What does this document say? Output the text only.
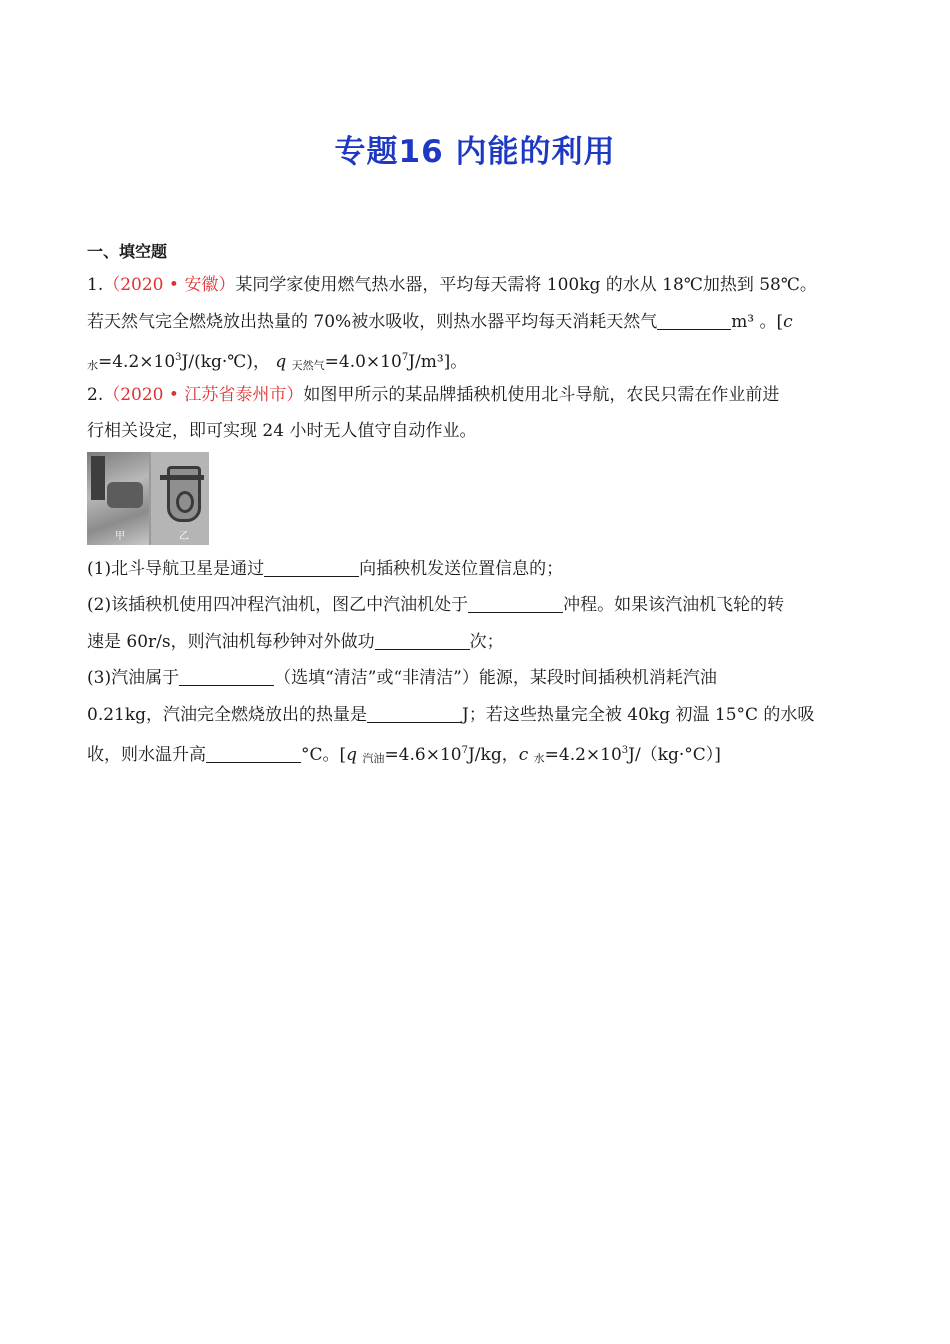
专题16 内能的利用
一、填空题
1.（2020 • 安徽）某同学家使用燃气热水器，平均每天需将 100kg 的水从 18℃加热到 58℃。
若天然气完全燃烧放出热量的 70%被水吸收，则热水器平均每天消耗天然气	m³ 。[c
水$=4.2\times 10^3J/(kg\cdot℃)$， q 天然气$=4.0\times 10^7J/m^3$]。
2.（2020 • 江苏省泰州市）如图甲所示的某品牌插秧机使用北斗导航，农民只需在作业前进
行相关设定，即可实现 24 小时无人值守自动作业。
甲	乙
(1)北斗导航卫星是通过	向插秧机发送位置信息的；
(2)该插秧机使用四冲程汽油机，图乙中汽油机处于	冲程。如果该汽油机飞轮的转
速是 60r/s，则汽油机每秒钟对外做功	次；
(3)汽油属于	（选填“清洁”或“非清洁”）能源，某段时间插秧机消耗汽油
0.21kg，汽油完全燃烧放出的热量是	J；若这些热量完全被 40kg 初温 15°C 的水吸
收，则水温升高	°C。[q 汽油$=4.6\times 10^7J/kg$，c 水$=4.2\times 10^3J/(kg\cdot^\circ C)$]
